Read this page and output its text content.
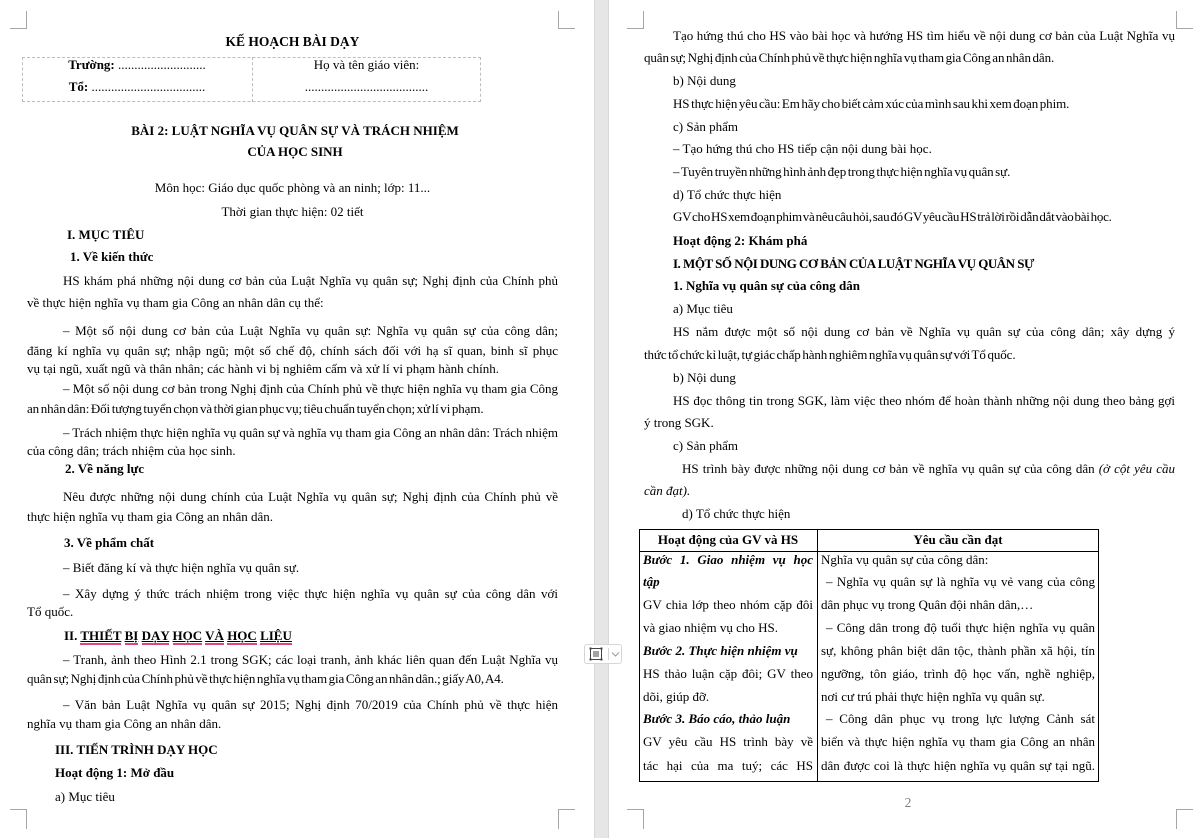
KẾ HOẠCH BÀI DẠY
Trường: ...........................
Tổ: ...................................
Họ và tên giáo viên:
......................................
BÀI 2: LUẬT NGHĨA VỤ QUÂN SỰ VÀ TRÁCH NHIỆM
CỦA HỌC SINH
Môn học: Giáo dục quốc phòng và an ninh; lớp: 11...
Thời gian thực hiện: 02 tiết
I. MỤC TIÊU
1. Về kiến thức
HS khám phá những nội dung cơ bản của Luật Nghĩa vụ quân sự; Nghị định của Chính phủ
về thực hiện nghĩa vụ tham gia Công an nhân dân cụ thể:
– Một số nội dung cơ bản của Luật Nghĩa vụ quân sự: Nghĩa vụ quân sự của công dân;
đăng kí nghĩa vụ quân sự; nhập ngũ; một số chế độ, chính sách đối với hạ sĩ quan, binh sĩ phục
vụ tại ngũ, xuất ngũ và thân nhân; các hành vi bị nghiêm cấm và xử lí vi phạm hành chính.
– Một số nội dung cơ bản trong Nghị định của Chính phủ về thực hiện nghĩa vụ tham gia Công
an nhân dân: Đối tượng tuyển chọn và thời gian phục vụ; tiêu chuẩn tuyển chọn; xử lí vi phạm.
– Trách nhiệm thực hiện nghĩa vụ quân sự và nghĩa vụ tham gia Công an nhân dân: Trách nhiệm
của công dân; trách nhiệm của học sinh.
2. Về năng lực
Nêu được những nội dung chính của Luật Nghĩa vụ quân sự; Nghị định của Chính phủ về
thực hiện nghĩa vụ tham gia Công an nhân dân.
3. Về phẩm chất
– Biết đăng kí và thực hiện nghĩa vụ quân sự.
– Xây dựng ý thức trách nhiệm trong việc thực hiện nghĩa vụ quân sự của công dân với
Tổ quốc.
II. THIẾT BỊ DẠY HỌC VÀ HỌC LIỆU
– Tranh, ảnh theo Hình 2.1 trong SGK; các loại tranh, ảnh khác liên quan đến Luật Nghĩa vụ
quân sự; Nghị định của Chính phủ về thực hiện nghĩa vụ tham gia Công an nhân dân.; giấy A0, A4.
– Văn bản Luật Nghĩa vụ quân sự 2015; Nghị định 70/2019 của Chính phủ về thực hiện
nghĩa vụ tham gia Công an nhân dân.
III. TIẾN TRÌNH DẠY HỌC
Hoạt động 1: Mở đầu
a) Mục tiêu
Tạo hứng thú cho HS vào bài học và hướng HS tìm hiểu về nội dung cơ bản của Luật Nghĩa vụ
quân sự; Nghị định của Chính phủ về thực hiện nghĩa vụ tham gia Công an nhân dân.
b) Nội dung
HS thực hiện yêu cầu: Em hãy cho biết cảm xúc của mình sau khi xem đoạn phim.
c) Sản phẩm
– Tạo hứng thú cho HS tiếp cận nội dung bài học.
– Tuyên truyền những hình ảnh đẹp trong thực hiện nghĩa vụ quân sự.
d) Tổ chức thực hiện
GV cho HS xem đoạn phim và nêu câu hỏi, sau đó GV yêu cầu HS trả lời rồi dẫn dắt vào bài học.
Hoạt động 2: Khám phá
I. MỘT SỐ NỘI DUNG CƠ BẢN CỦA LUẬT NGHĨA VỤ QUÂN SỰ
1. Nghĩa vụ quân sự của công dân
a) Mục tiêu
HS nắm được một số nội dung cơ bản về Nghĩa vụ quân sự của công dân; xây dựng ý
thức tổ chức kỉ luật, tự giác chấp hành nghiêm nghĩa vụ quân sự với Tổ quốc.
b) Nội dung
HS đọc thông tin trong SGK, làm việc theo nhóm để hoàn thành những nội dung theo bảng gợi
ý trong SGK.
c) Sản phẩm
HS trình bày được những nội dung cơ bản về nghĩa vụ quân sự của công dân (ở cột yêu cầu
cần đạt).
d) Tổ chức thực hiện
Hoạt động của GV và HS	Yêu cầu cần đạt
Bước 1. Giao nhiệm vụ học
tập
GV chia lớp theo nhóm cặp đôi
và giao nhiệm vụ cho HS.
Bước 2. Thực hiện nhiệm vụ
HS thảo luận cặp đôi; GV theo
dõi, giúp đỡ.
Bước 3. Báo cáo, thảo luận
GV yêu cầu HS trình bày về
tác hại của ma tuý; các HS
Nghĩa vụ quân sự của công dân:
– Nghĩa vụ quân sự là nghĩa vụ vẻ vang của công
dân phục vụ trong Quân đội nhân dân,…
– Công dân trong độ tuổi thực hiện nghĩa vụ quân
sự, không phân biệt dân tộc, thành phần xã hội, tín
ngưỡng, tôn giáo, trình độ học vấn, nghề nghiệp,
nơi cư trú phải thực hiện nghĩa vụ quân sự.
– Công dân phục vụ trong lực lượng Cảnh sát
biển và thực hiện nghĩa vụ tham gia Công an nhân
dân được coi là thực hiện nghĩa vụ quân sự tại ngũ.
2
